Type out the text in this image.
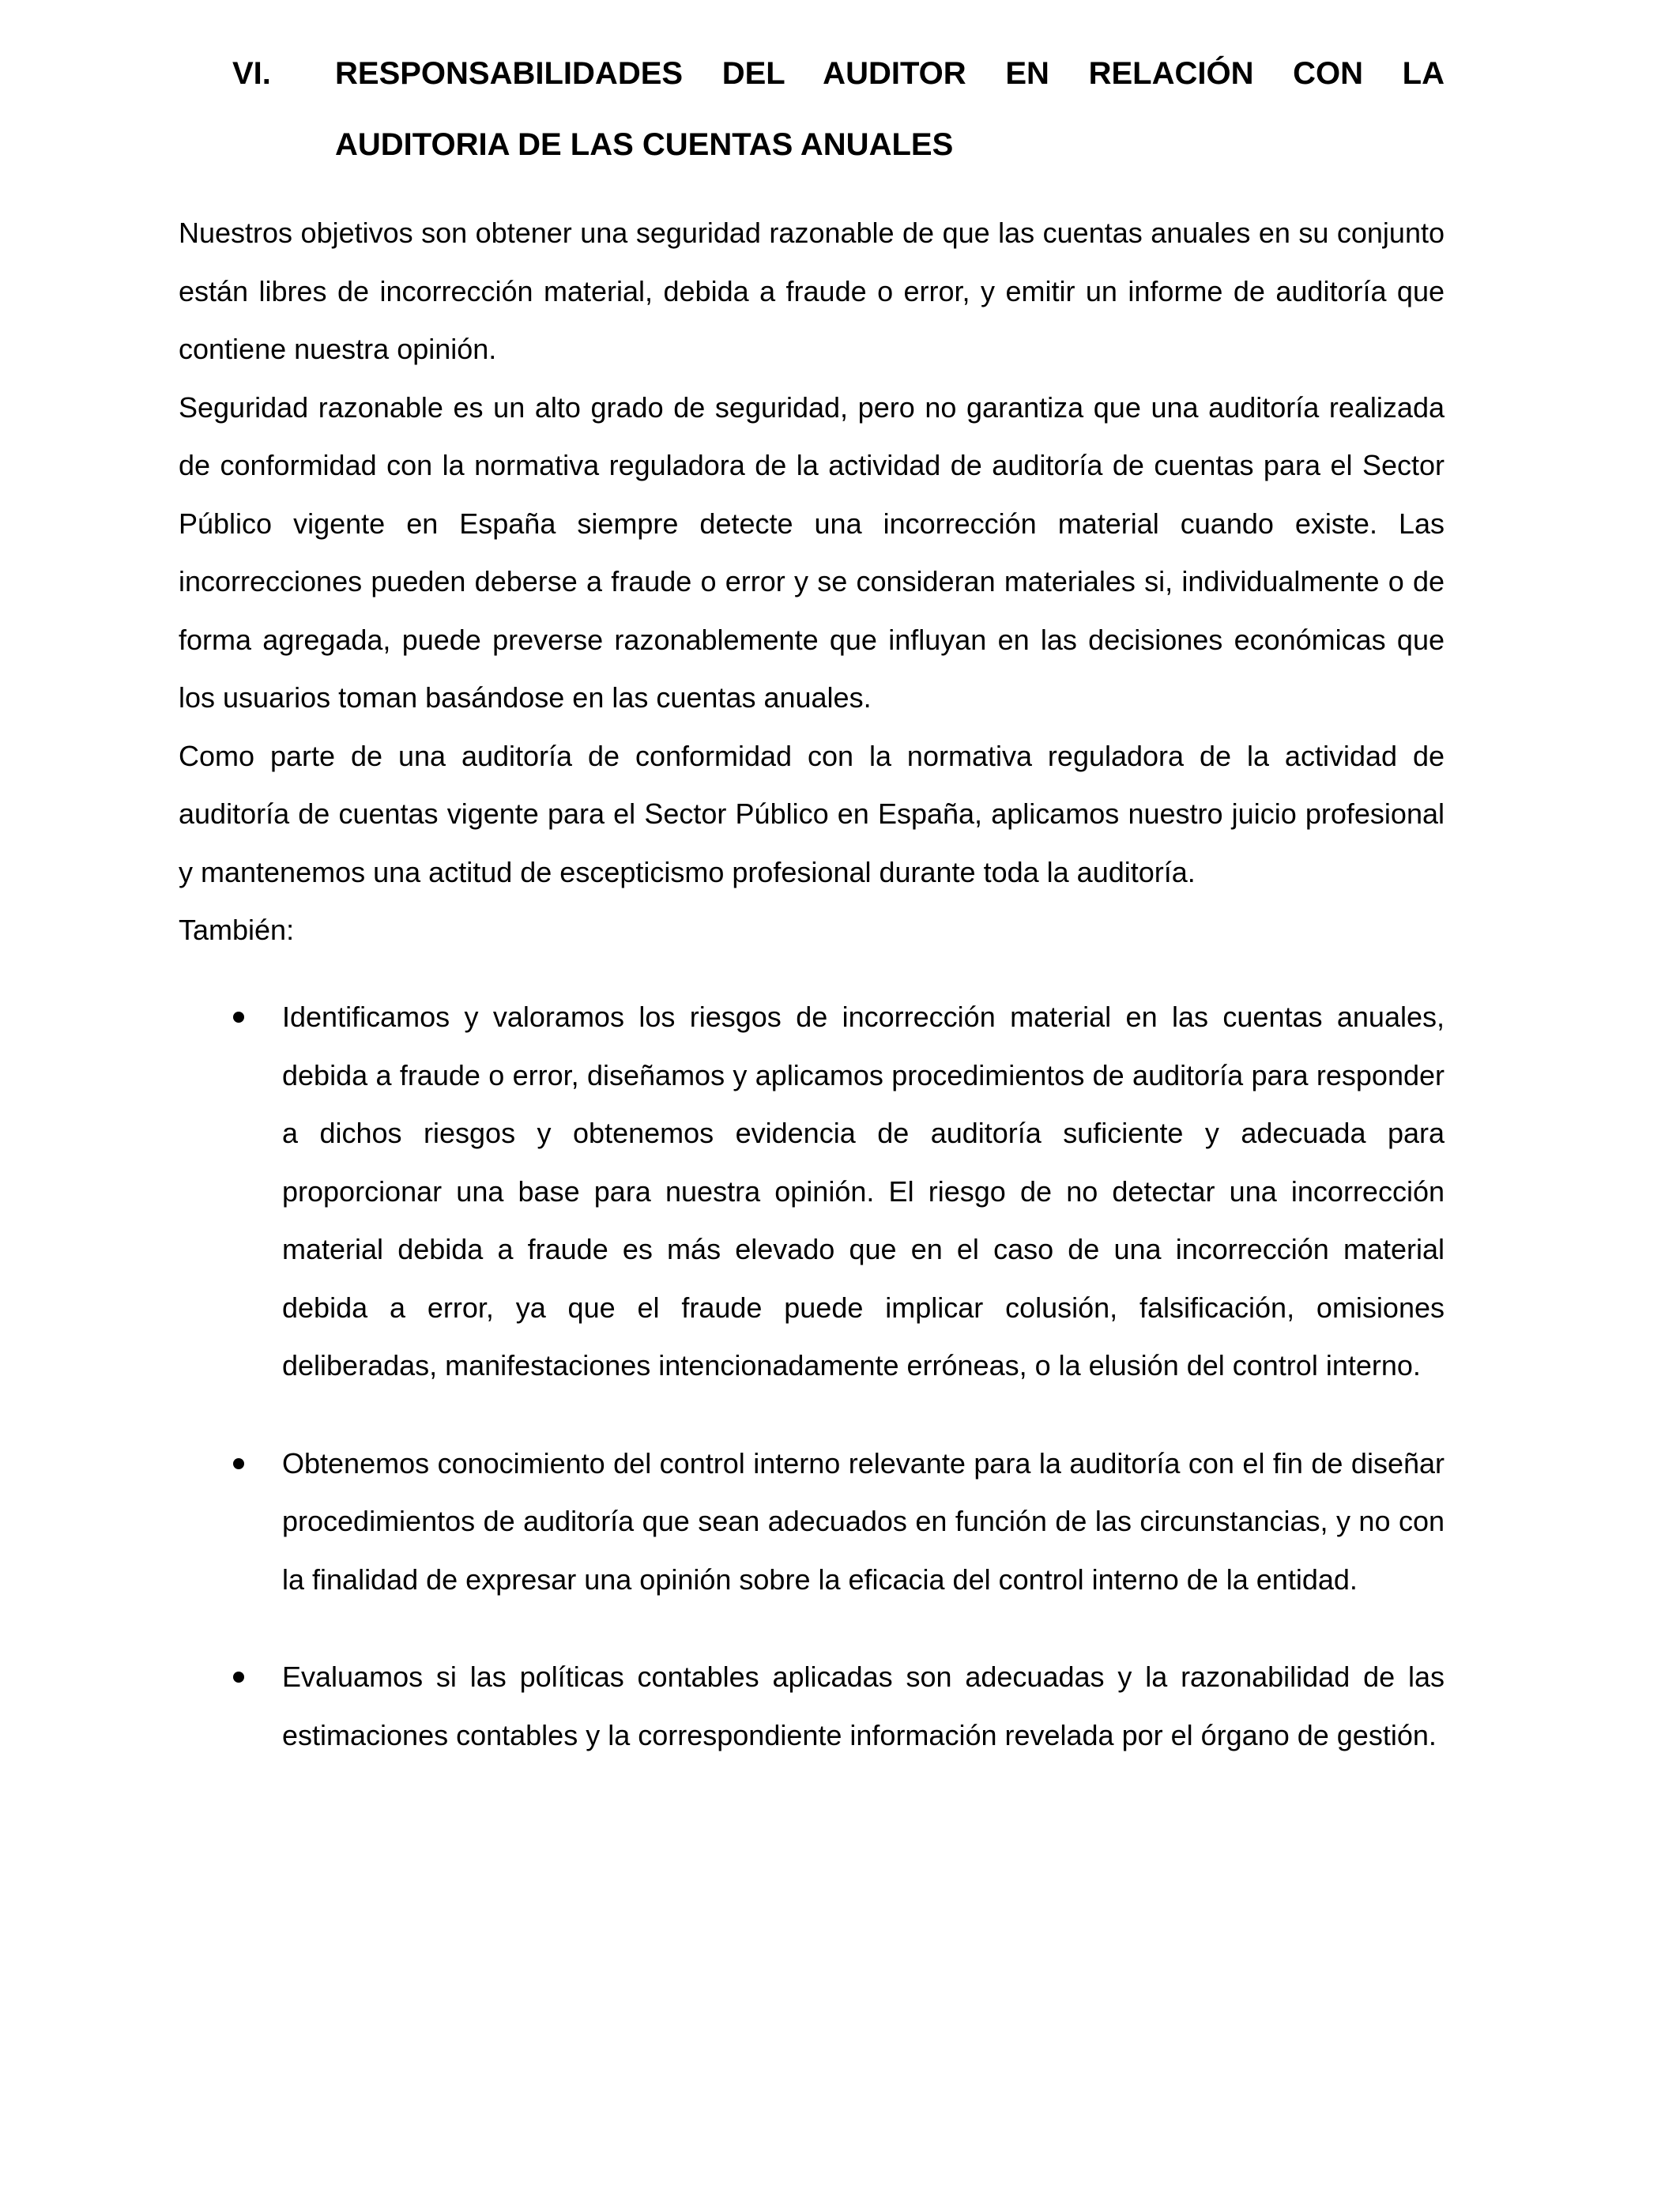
VI. RESPONSABILIDADES DEL AUDITOR EN RELACIÓN CON LA
AUDITORIA DE LAS CUENTAS ANUALES

Nuestros objetivos son obtener una seguridad razonable de que las cuentas anuales en su conjunto están libres de incorrección material, debida a fraude o error, y emitir un informe de auditoría que contiene nuestra opinión.

Seguridad razonable es un alto grado de seguridad, pero no garantiza que una auditoría realizada de conformidad con la normativa reguladora de la actividad de auditoría de cuentas para el Sector Público vigente en España siempre detecte una incorrección material cuando existe. Las incorrecciones pueden deberse a fraude o error y se consideran materiales si, individualmente o de forma agregada, puede preverse razonablemente que influyan en las decisiones económicas que los usuarios toman basándose en las cuentas anuales.

Como parte de una auditoría de conformidad con la normativa reguladora de la actividad de auditoría de cuentas vigente para el Sector Público en España, aplicamos nuestro juicio profesional y mantenemos una actitud de escepticismo profesional durante toda la auditoría.

También:

Identificamos y valoramos los riesgos de incorrección material en las cuentas anuales, debida a fraude o error, diseñamos y aplicamos procedimientos de auditoría para responder a dichos riesgos y obtenemos evidencia de auditoría suficiente y adecuada para proporcionar una base para nuestra opinión. El riesgo de no detectar una incorrección material debida a fraude es más elevado que en el caso de una incorrección material debida a error, ya que el fraude puede implicar colusión, falsificación, omisiones deliberadas, manifestaciones intencionadamente erróneas, o la elusión del control interno.
Obtenemos conocimiento del control interno relevante para la auditoría con el fin de diseñar procedimientos de auditoría que sean adecuados en función de las circunstancias, y no con la finalidad de expresar una opinión sobre la eficacia del control interno de la entidad.
Evaluamos si las políticas contables aplicadas son adecuadas y la razonabilidad de las estimaciones contables y la correspondiente información revelada por el órgano de gestión.
